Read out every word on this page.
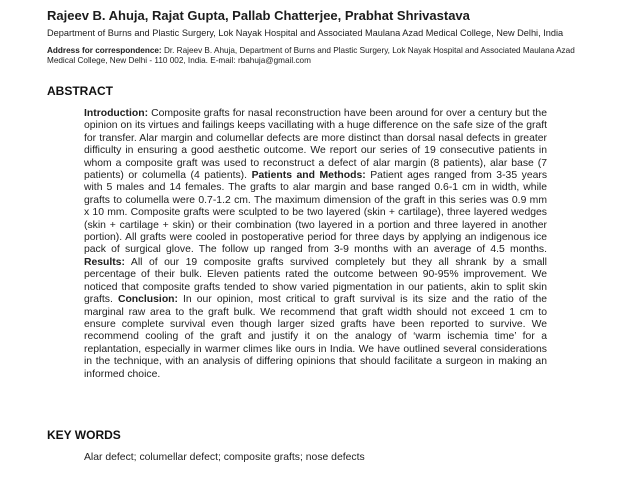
Rajeev B. Ahuja, Rajat Gupta, Pallab Chatterjee, Prabhat Shrivastava
Department of Burns and Plastic Surgery, Lok Nayak Hospital and Associated Maulana Azad Medical College, New Delhi, India
Address for correspondence: Dr. Rajeev B. Ahuja, Department of Burns and Plastic Surgery, Lok Nayak Hospital and Associated Maulana Azad Medical College, New Delhi - 110 002, India. E-mail: rbahuja@gmail.com
ABSTRACT
Introduction: Composite grafts for nasal reconstruction have been around for over a century but the opinion on its virtues and failings keeps vacillating with a huge difference on the safe size of the graft for transfer. Alar margin and columellar defects are more distinct than dorsal nasal defects in greater difficulty in ensuring a good aesthetic outcome. We report our series of 19 consecutive patients in whom a composite graft was used to reconstruct a defect of alar margin (8 patients), alar base (7 patients) or columella (4 patients). Patients and Methods: Patient ages ranged from 3-35 years with 5 males and 14 females. The grafts to alar margin and base ranged 0.6-1 cm in width, while grafts to columella were 0.7-1.2 cm. The maximum dimension of the graft in this series was 0.9 mm x 10 mm. Composite grafts were sculpted to be two layered (skin + cartilage), three layered wedges (skin + cartilage + skin) or their combination (two layered in a portion and three layered in another portion). All grafts were cooled in postoperative period for three days by applying an indigenous ice pack of surgical glove. The follow up ranged from 3-9 months with an average of 4.5 months. Results: All of our 19 composite grafts survived completely but they all shrank by a small percentage of their bulk. Eleven patients rated the outcome between 90-95% improvement. We noticed that composite grafts tended to show varied pigmentation in our patients, akin to split skin grafts. Conclusion: In our opinion, most critical to graft survival is its size and the ratio of the marginal raw area to the graft bulk. We recommend that graft width should not exceed 1 cm to ensure complete survival even though larger sized grafts have been reported to survive. We recommend cooling of the graft and justify it on the analogy of ‘warm ischemia time’ for a replantation, especially in warmer climes like ours in India. We have outlined several considerations in the technique, with an analysis of differing opinions that should facilitate a surgeon in making an informed choice.
KEY WORDS
Alar defect; columellar defect; composite grafts; nose defects
